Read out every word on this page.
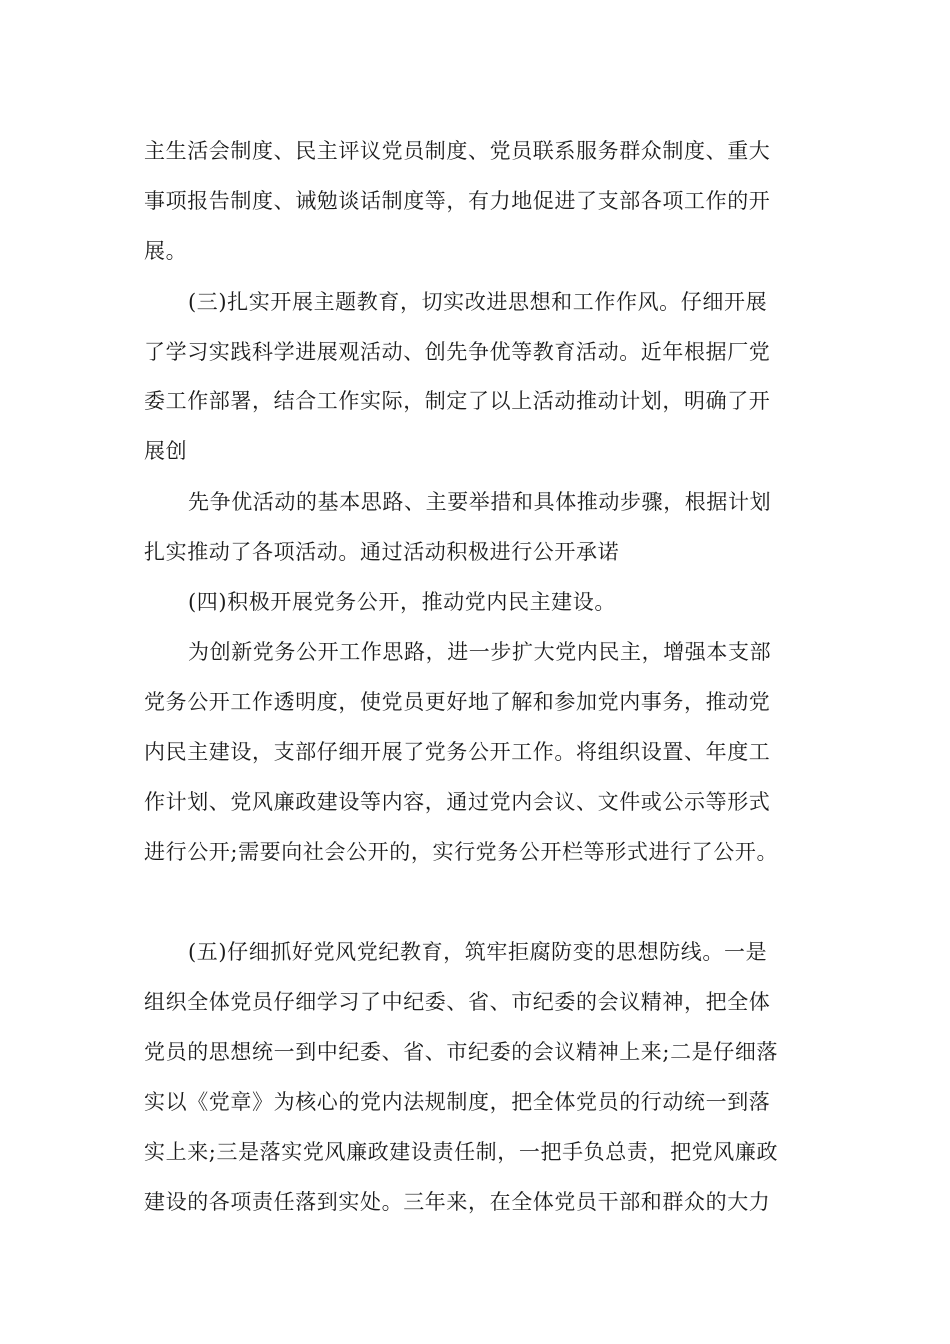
主生活会制度、民主评议党员制度、党员联系服务群众制度、重大

事项报告制度、诫勉谈话制度等，有力地促进了支部各项工作的开

展。

(三)扎实开展主题教育，切实改进思想和工作作风。仔细开展

了学习实践科学进展观活动、创先争优等教育活动。近年根据厂党

委工作部署，结合工作实际，制定了以上活动推动计划，明确了开

展创

先争优活动的基本思路、主要举措和具体推动步骤，根据计划

扎实推动了各项活动。通过活动积极进行公开承诺

(四)积极开展党务公开，推动党内民主建设。

为创新党务公开工作思路，进一步扩大党内民主，增强本支部

党务公开工作透明度，使党员更好地了解和参加党内事务，推动党

内民主建设，支部仔细开展了党务公开工作。将组织设置、年度工

作计划、党风廉政建设等内容，通过党内会议、文件或公示等形式

进行公开;需要向社会公开的，实行党务公开栏等形式进行了公开。

(五)仔细抓好党风党纪教育，筑牢拒腐防变的思想防线。一是

组织全体党员仔细学习了中纪委、省、市纪委的会议精神，把全体

党员的思想统一到中纪委、省、市纪委的会议精神上来;二是仔细落

实以《党章》为核心的党内法规制度，把全体党员的行动统一到落

实上来;三是落实党风廉政建设责任制，一把手负总责，把党风廉政

建设的各项责任落到实处。三年来，在全体党员干部和群众的大力
